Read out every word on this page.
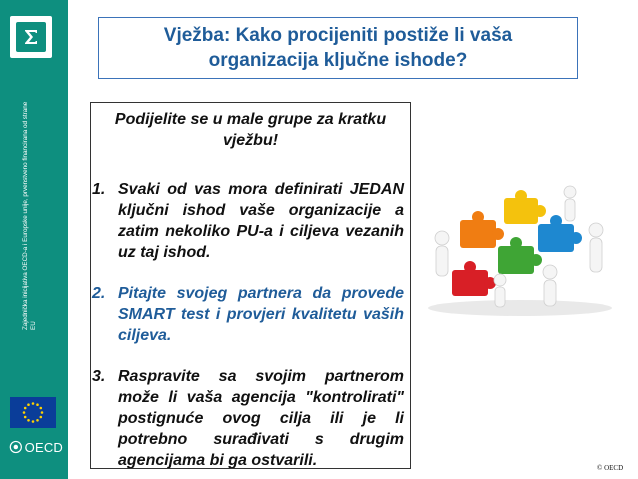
Zajednička inicijativa OECD-a i Europske unije, prvenstveno financirana od strane EU
OECD
Vježba: Kako procijeniti postiže li vaša
organizacija ključne ishode?
Podijelite se u male grupe za kratku vježbu!
1. Svaki od vas mora definirati JEDAN ključni ishod vaše organizacije a zatim nekoliko PU-a i ciljeva vezanih uz taj ishod.
2. Pitajte svojeg partnera da provede SMART test i provjeri kvalitetu vaših ciljeva.
3. Raspravite sa svojim partnerom može li vaša agencija "kontrolirati" postignuće ovog cilja ili je li potrebno surađivati s drugim agencijama bi ga ostvarili.	© OECD
